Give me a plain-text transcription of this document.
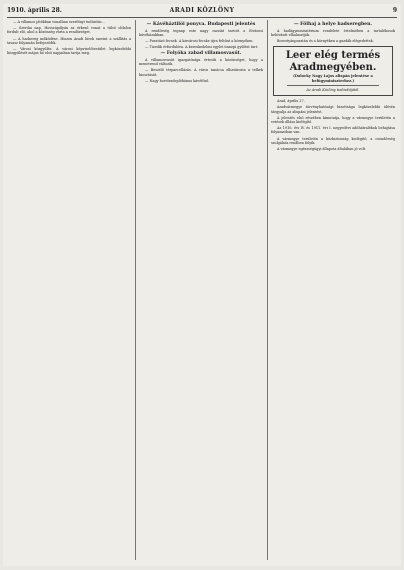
1910. április 28.	ARADI KÖZLÖNY	9

— A villamos játékban vonalban ezerfőnyi tudósítás...

— Szerdai nap, Hosszúpályán az érkező vonat a túlsó oldalon fordult elő, ahol a közönség várta a rendőrséget.

— A hadsereg működése. Hiszen Aradi hírek szerint a szállítás a tavasz folyamán befejeződik.

— Városi közgyűlés. A városi képviselőtestület legközelebbi közgyűlését május hó első napjaiban tartja meg.

— Kávéháztilói ponyva. Budapesti jelentés

A rendőrség tegnap este nagy razziát tartott a fővárosi kávéházakban.

— Pusztázó fecsek. A kisvárosi fecske újra feltűnt a környéken.

— Tizedik évfordulóra. A kereskedelmi egylet ünnepi gyűlést tart.

— Folyóka zabad villamosvasút.

A villamosvasút igazgatósága értesíti a közönséget, hogy a menetrend változik.

— Beszélő térparcellázás. A város tanácsa elhatározta a telkek kiosztását.

— Nagy bortőzsdeplébánus kávéfőző.

— Fölhaj a helye hadseregben.

A hadügyminisztérium rendelete értelmében a tartalékosok behívását elhalasztják.

Borostyánpusztán és a környéken a gazdák elégedettek.

Leer elég termés
Aradmegyében.
(Dalocky Nagy Lajos alispán jelentése a belügyminiszterhez.)
Az Aradi Közlöny tudósítójától.

Arad, április 27.

Aradvármegye törvényhatósági bizottsága legközelebbi ülésén tárgyalja az alispáni jelentést.

A jelentés első részében kimutatja, hogy a vármegye területén a vetések állása kielégítő.

Az 1910. évi IV. és 1911. évi I. negyedévi adóhátralékok behajtása folyamatban van.

A vármegye területén a közbiztonság kielégítő, a csendőrség szolgálata rendben folyik.

A vármegye egészségügyi állapota általában jó volt.
